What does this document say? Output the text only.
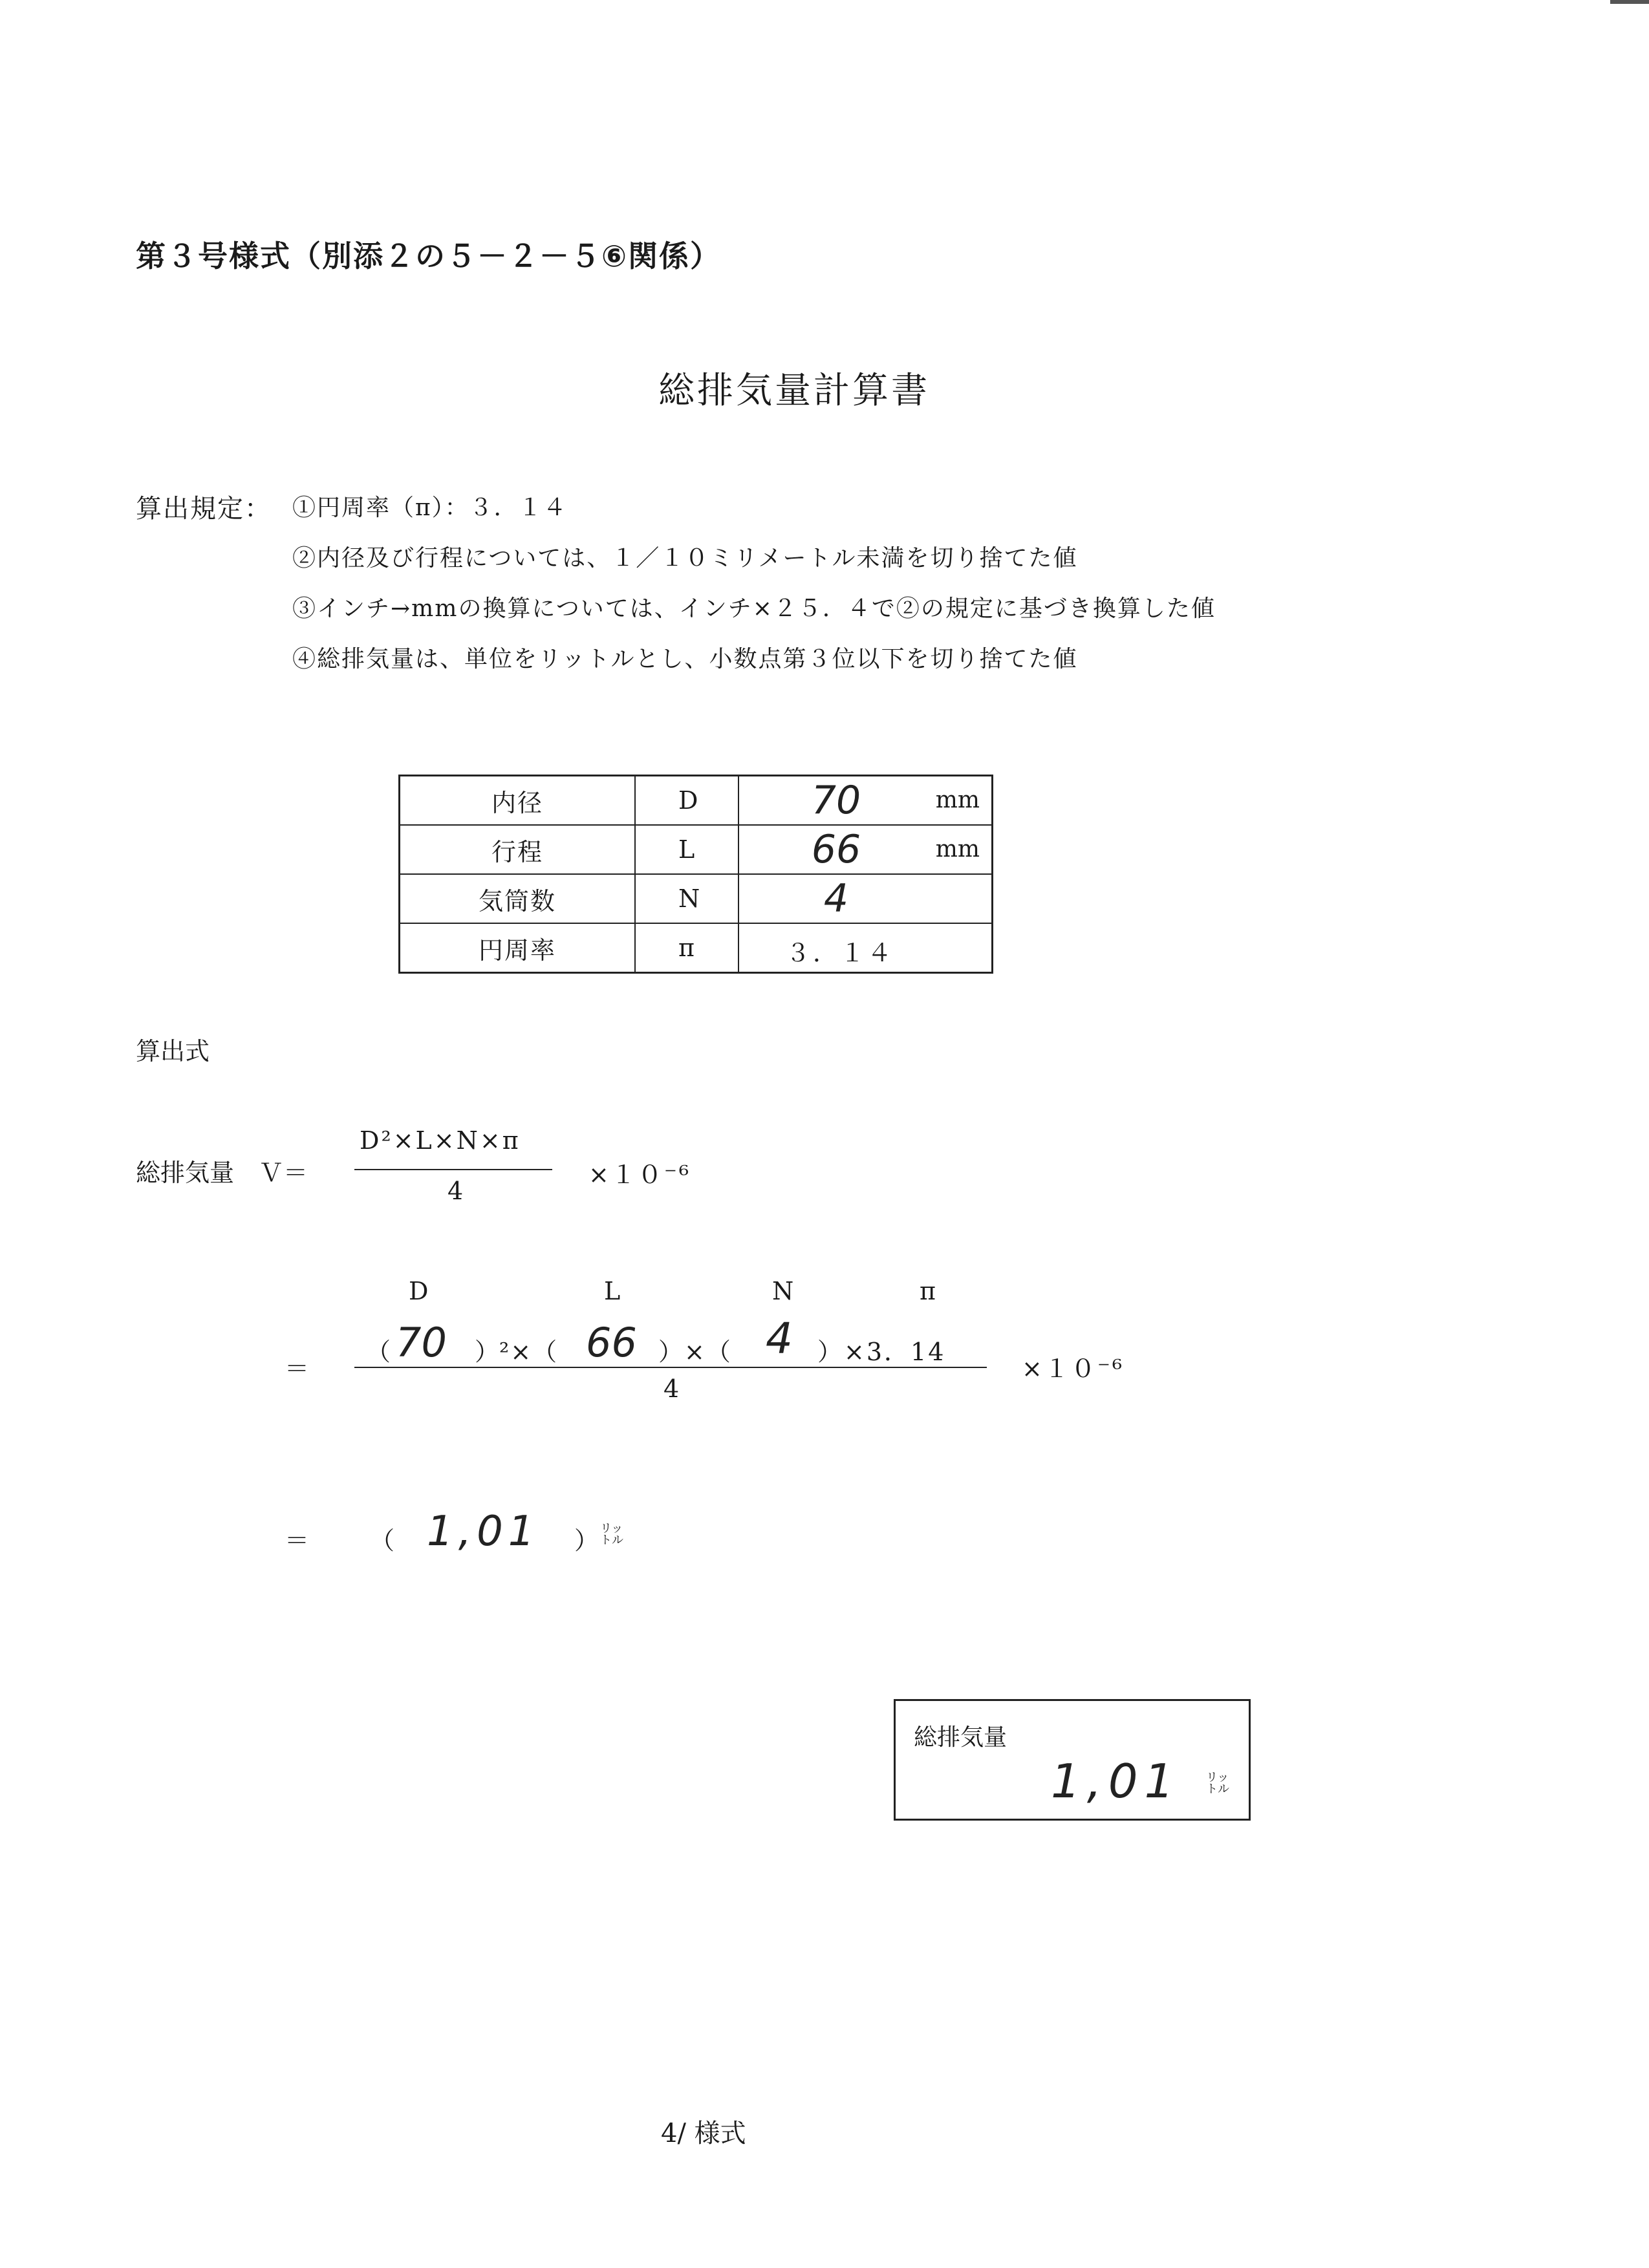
第３号様式（別添２の５－２－５⑥関係）
総排気量計算書
算出規定： ①円周率（π）：３．１４
②内径及び行程については、１／１０ミリメートル未満を切り捨てた値
③インチ→mmの換算については、インチ×２５．４で②の規定に基づき換算した値
④総排気量は、単位をリットルとし、小数点第３位以下を切り捨てた値
内径	D	70 mm

行程	L	66 mm

気筒数	N	4

円周率	π	３．１４
算出式
総排気量 Ｖ＝
D²×L×N×π
4
×１０⁻⁶
D	L	N	π
＝
（ 70 ） ²×（ 66 ）×（ 4 ）×3．14
4
×１０⁻⁶
＝ （ 1,01 ） リッ
トル
総排気量
1,01 リッ
トル
4/ 様式
